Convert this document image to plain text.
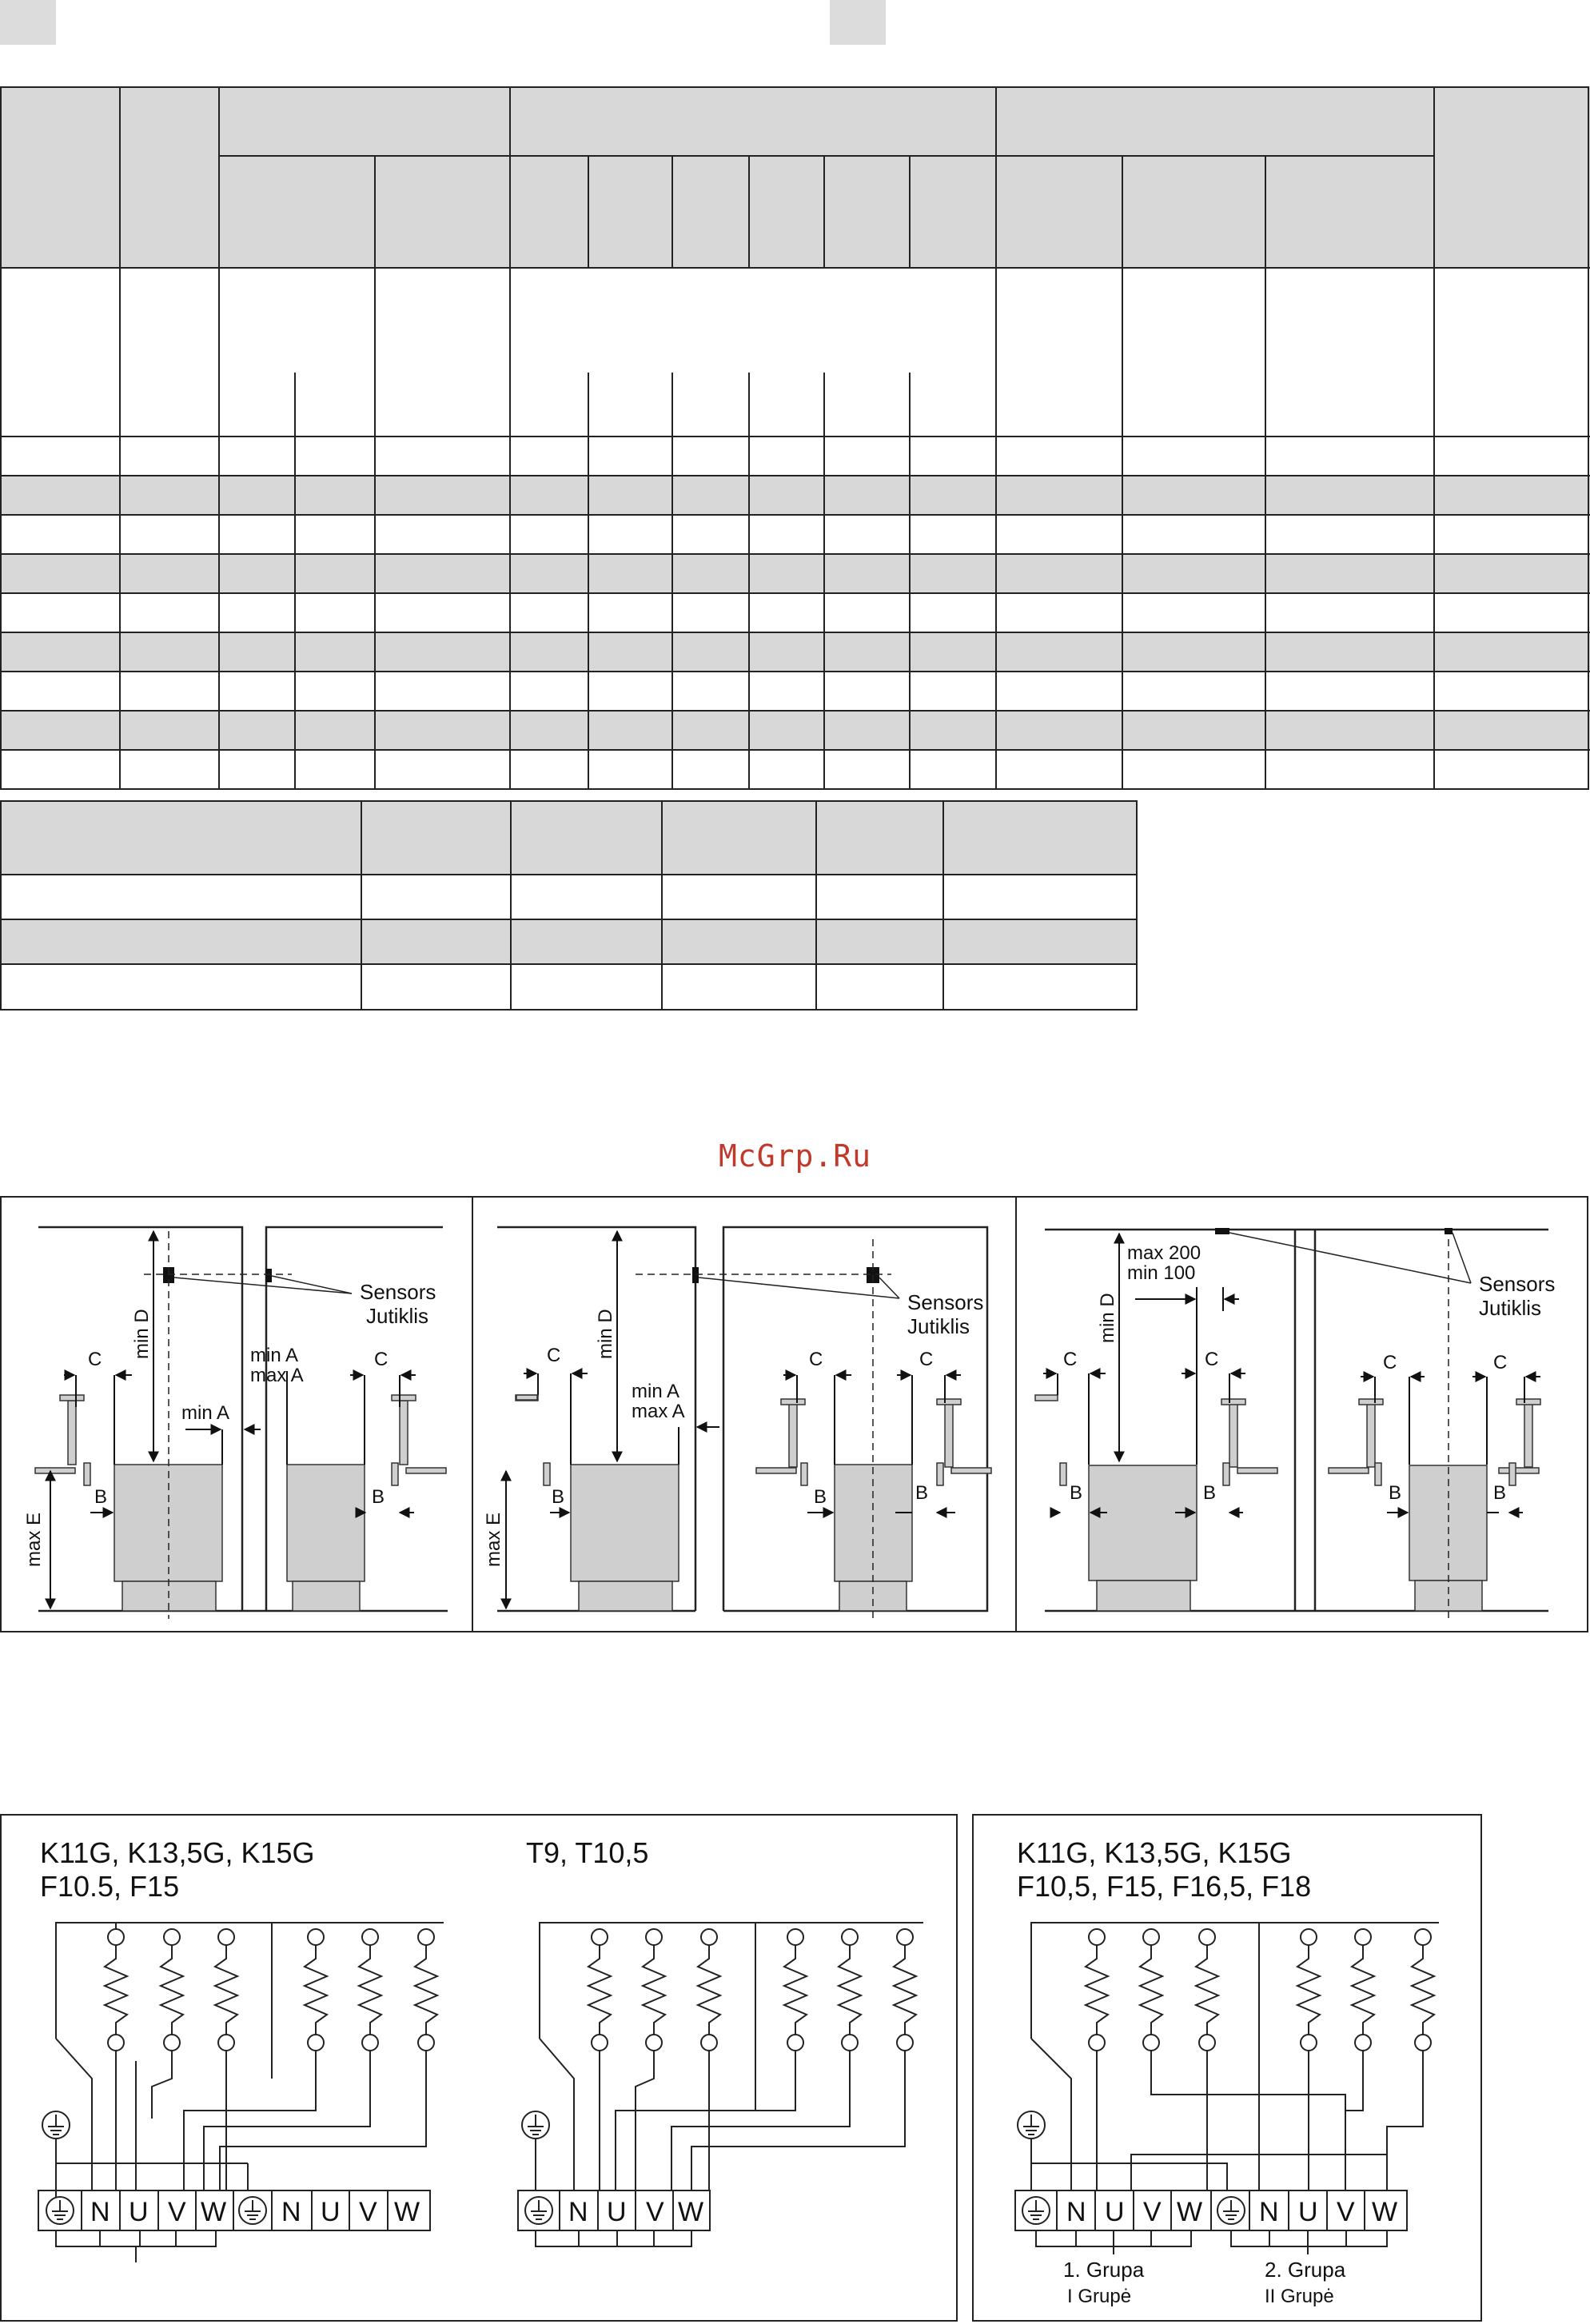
McGrp.Ru
min D	min D	min D
max E	max E
C	C	C	C	C	C	C	C	C
B	B	B	B	B	B	B	B	B
min A
min A
max A
min A
max A
max 200
min 100
Sensors
Jutiklis
Sensors
Jutiklis
Sensors
Jutiklis
K11G, K13,5G, K15G
F10.5, F15
T9, T10,5	K11G, K13,5G, K15G
F10,5, F15, F16,5, F18
N U V W N U V W	N U V W	N U V W N U V W
1. Grupa
I Grupė
2. Grupa
II Grupė
